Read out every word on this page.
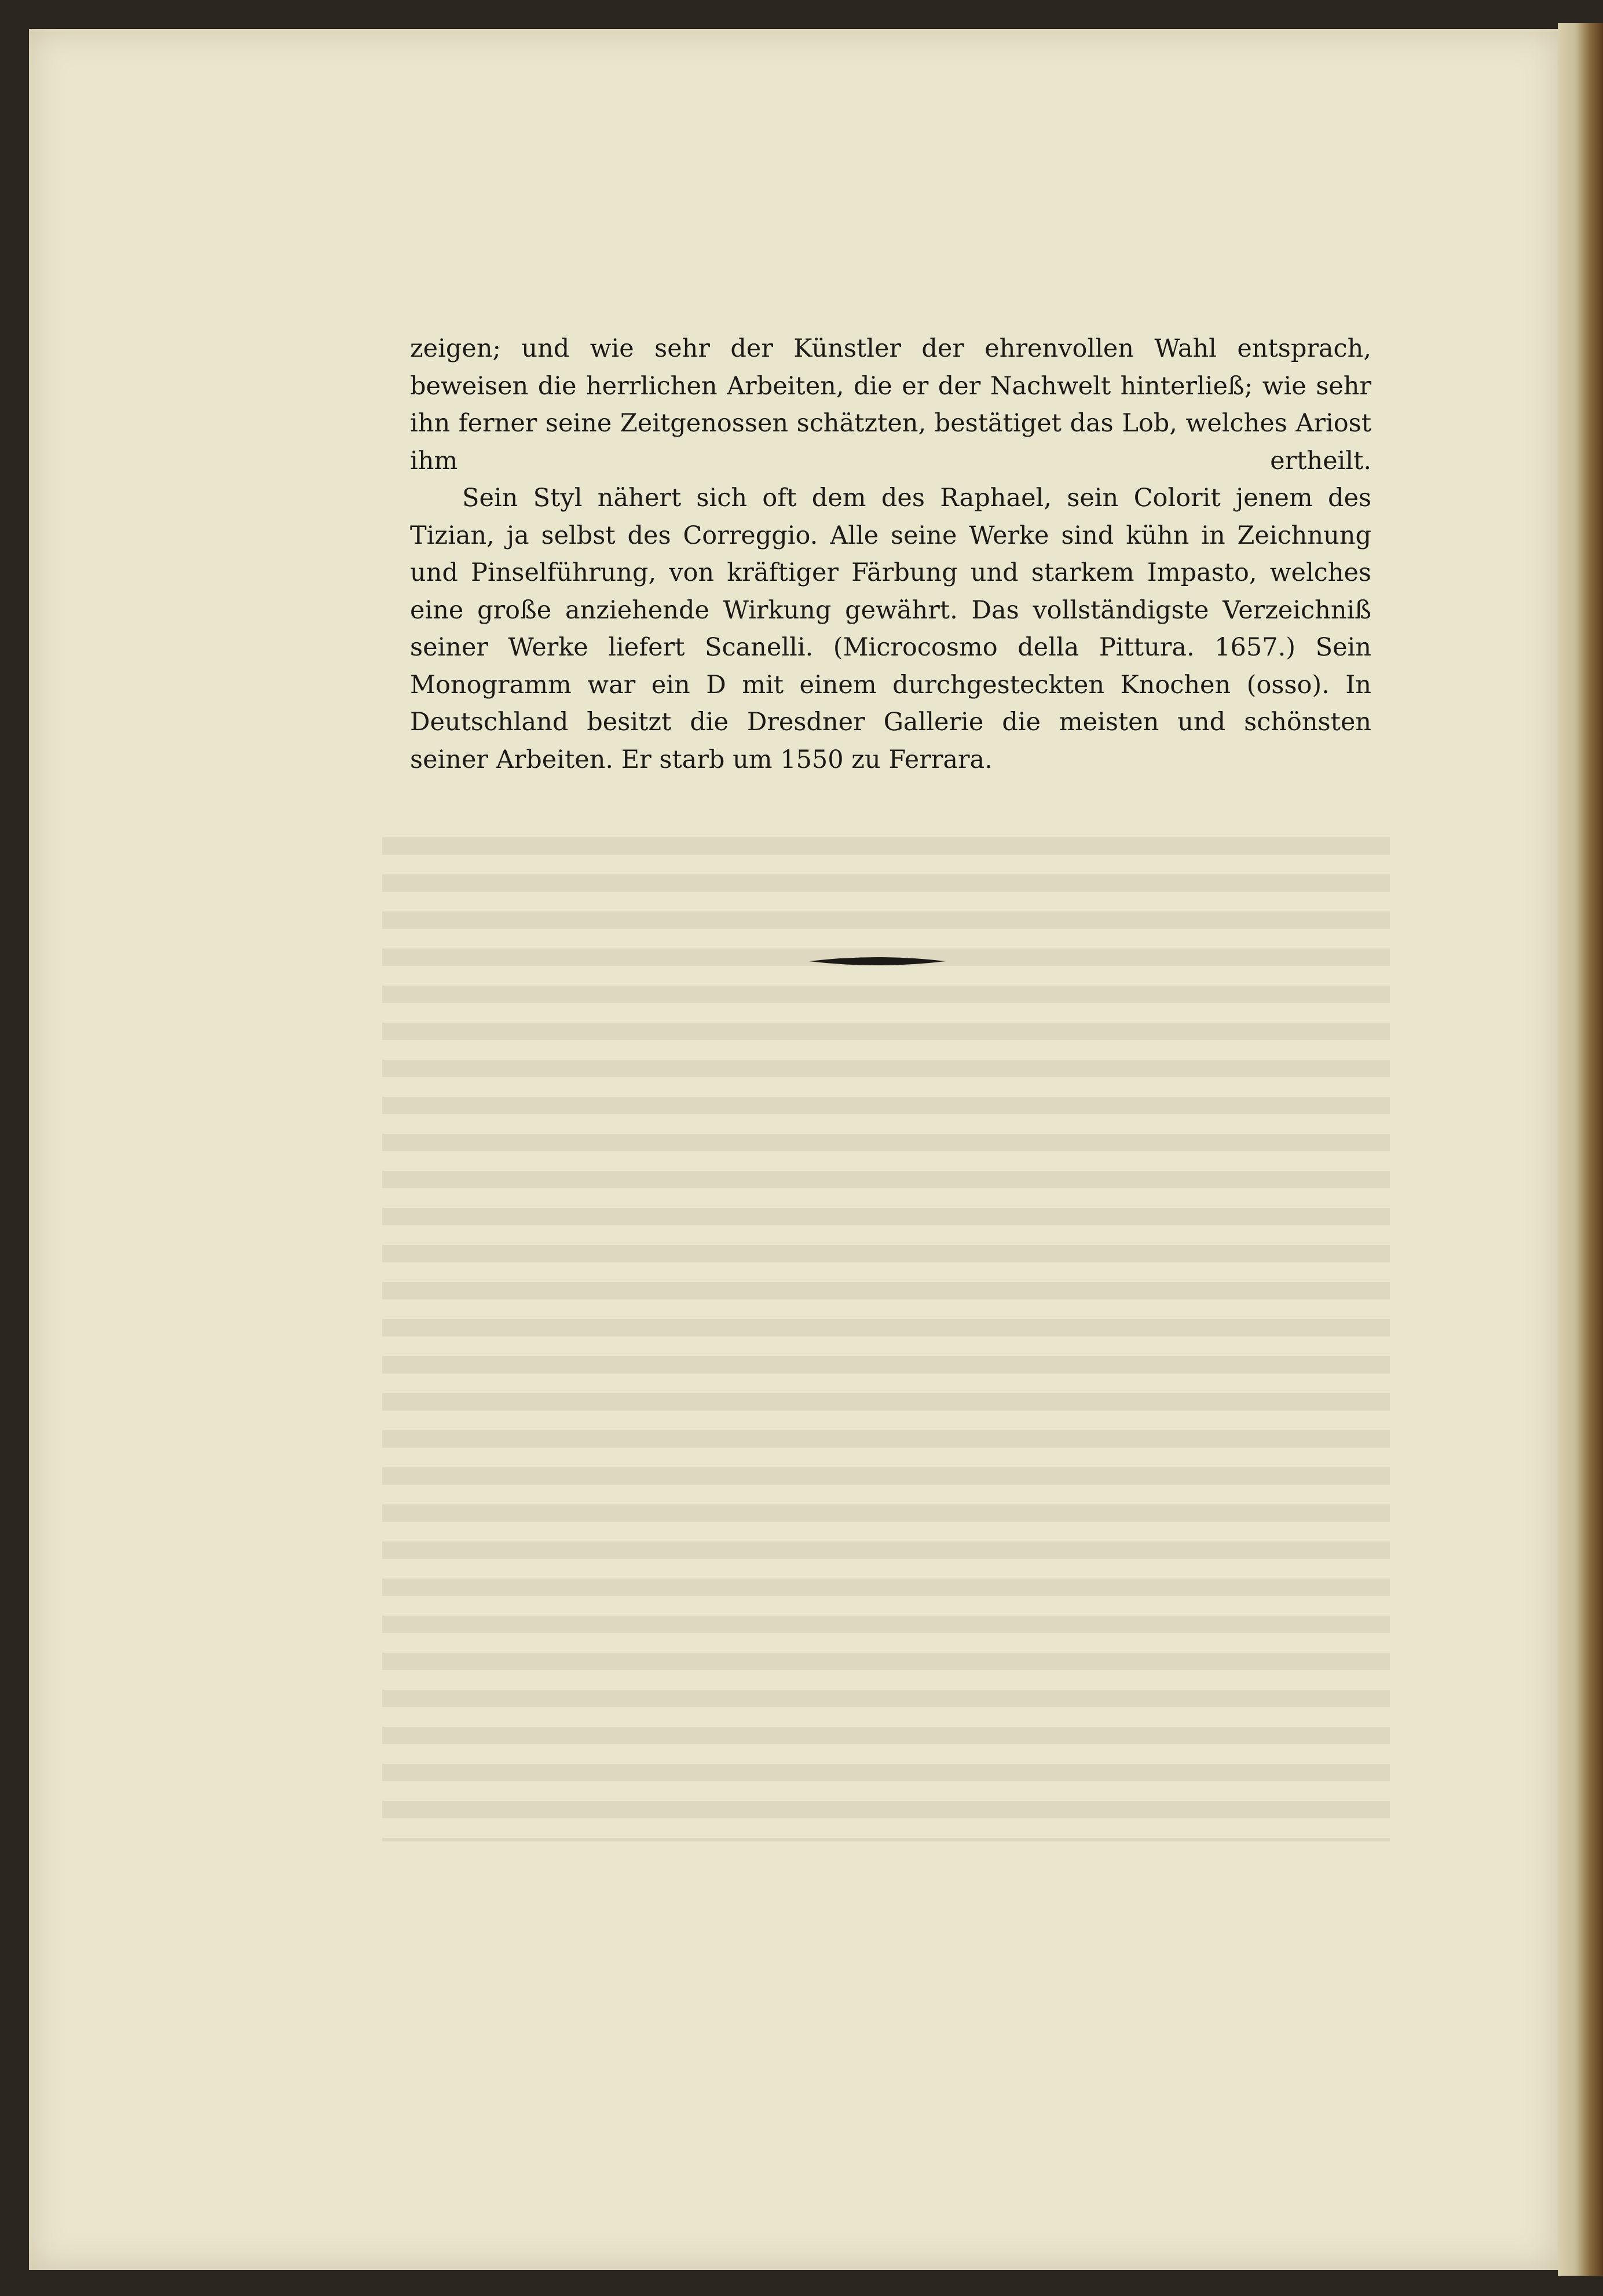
zeigen; und wie sehr der Künstler der ehrenvollen Wahl entsprach, beweisen die herrlichen Arbeiten, die er der Nachwelt hinterließ; wie sehr ihn ferner seine Zeitgenossen schätzten, bestätiget das Lob, welches Ariost ihm ertheilt.

Sein Styl nähert sich oft dem des Raphael, sein Colorit jenem des Tizian, ja selbst des Correggio. Alle seine Werke sind kühn in Zeichnung und Pinselführung, von kräftiger Färbung und starkem Impasto, welches eine große anziehende Wirkung gewährt. Das vollständigste Verzeichniß seiner Werke liefert Scanelli. (Microcosmo della Pittura. 1657.) Sein Monogramm war ein D mit einem durchgesteckten Knochen (osso). In Deutschland besitzt die Dresdner Gallerie die meisten und schönsten seiner Arbeiten. Er starb um 1550 zu Ferrara.
